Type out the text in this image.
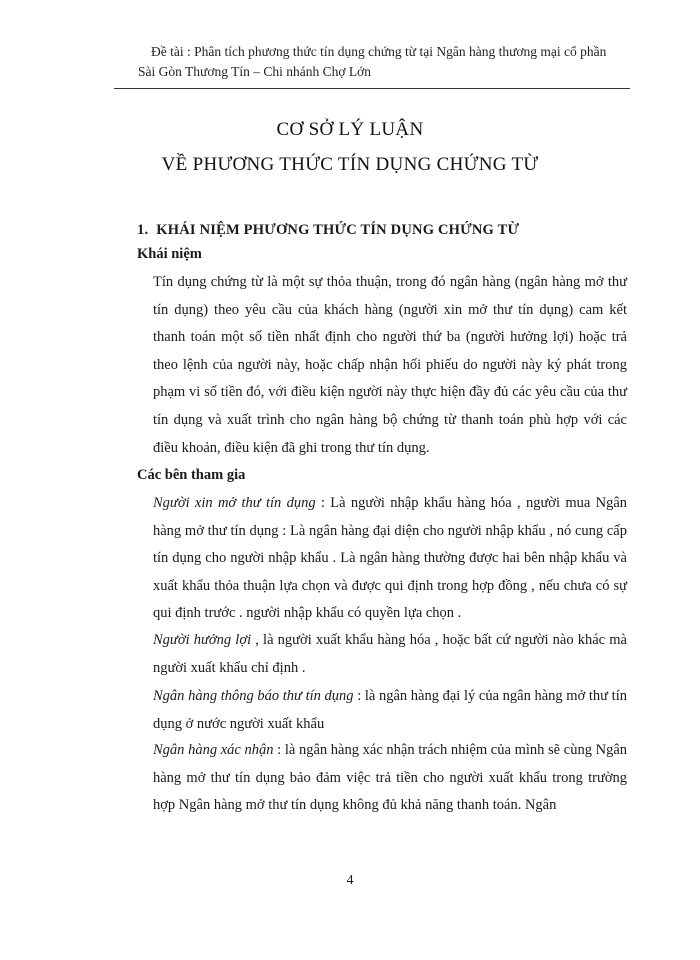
Đề tài : Phân tích phương thức tín dụng chứng từ tại Ngân hàng thương mại cổ phần
Sài Gòn Thương Tín – Chi nhánh Chợ Lớn
CƠ SỞ LÝ LUẬN
VỀ PHƯƠNG THỨC TÍN DỤNG CHỨNG TỪ
1. KHÁI NIỆM PHƯƠNG THỨC TÍN DỤNG CHỨNG TỪ
Khái niệm
Tín dụng chứng từ là một sự thỏa thuận, trong đó ngân hàng (ngân hàng mở thư tín dụng) theo yêu cầu của khách hàng (người xin mở thư tín dụng) cam kết thanh toán một số tiền nhất định cho người thứ ba (người hưởng lợi) hoặc trả theo lệnh của người này, hoặc chấp nhận hối phiếu do người này ký phát trong phạm vi số tiền đó, với điều kiện người này thực hiện đầy đủ các yêu cầu của thư tín dụng và xuất trình cho ngân hàng bộ chứng từ thanh toán phù hợp với các điều khoản, điều kiện đã ghi trong thư tín dụng.
Các bên tham gia
Người xin mở thư tín dụng : Là người nhập khẩu hàng hóa , người mua Ngân hàng mở thư tín dụng : Là ngân hàng đại diện cho người nhập khẩu , nó cung cấp tín dụng cho người nhập khẩu . Là ngân hàng thường được hai bên nhập khẩu và xuất khẩu thỏa thuận lựa chọn và được qui định trong hợp đồng , nếu chưa có sự qui định trước . người nhập khẩu có quyền lựa chọn .
Người hưởng lợi , là người xuất khẩu hàng hóa , hoặc bất cứ người nào khác mà người xuất khẩu chỉ định .
Ngân hàng thông báo thư tín dụng : là ngân hàng đại lý của ngân hàng mở thư tín dụng ở nước người xuất khẩu
Ngân hàng xác nhận : là ngân hàng xác nhận trách nhiệm của mình sẽ cùng Ngân hàng mở thư tín dụng bảo đảm việc trả tiền cho người xuất khẩu trong trường hợp Ngân hàng mở thư tín dụng không đủ khả năng thanh toán. Ngân
4
